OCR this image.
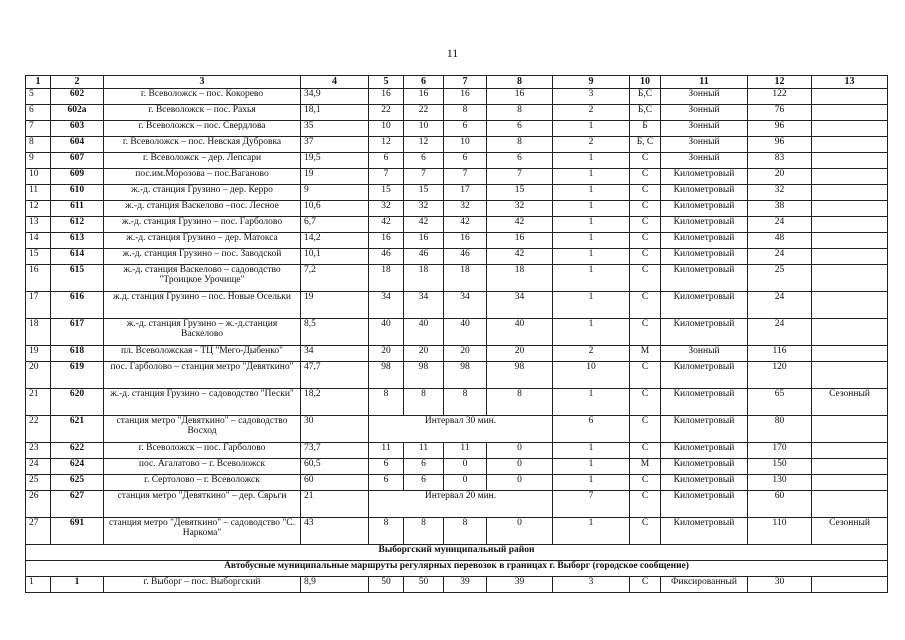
11
1	2	3	4	5	6	7	8	9	10	11	12	13
5	602	г. Всеволожск – пос. Кокорево	34,9	16	16	16	16	3	Б,С	Зонный	122	
6	602а	г. Всеволожск – пос. Рахья	18,1	22	22	8	8	2	Б,С	Зонный	76	
7	603	г. Всеволожск – пос. Свердлова	35	10	10	6	6	1	Б	Зонный	96	
8	604	г. Всеволожск – пос. Невская Дубровка	37	12	12	10	8	2	Б, С	Зонный	96	
9	607	г. Всеволожск – дер. Лепсари	19,5	6	6	6	6	1	С	Зонный	83	
10	609	пос.им.Морозова – пос.Ваганово	19	7	7	7	7	1	С	Километровый	20	
11	610	ж.-д. станция Грузино – дер. Керро	9	15	15	17	15	1	С	Километровый	32	
12	611	ж.-д. станция Васкелово –пос. Лесное	10,6	32	32	32	32	1	С	Километровый	38	
13	612	ж.-д. станция Грузино – пос. Гарболово	6,7	42	42	42	42	1	С	Километровый	24	
14	613	ж.-д. станция Грузино – дер. Матокса	14,2	16	16	16	16	1	С	Километровый	48	
15	614	ж.-д. станция Грузино – пос. Заводской	10,1	46	46	46	42	1	С	Километровый	24	
16	615	ж.-д. станция Васкелово – садоводство "Троицкое Урочище"	7,2	18	18	18	18	1	С	Километровый	25	
17	616	ж.д. станция Грузино – пос. Новые Осельки	19	34	34	34	34	1	С	Километровый	24	
18	617	ж.-д. станция Грузино – ж.-д.станция Васкелово	8,5	40	40	40	40	1	С	Километровый	24	
19	618	пл. Всеволожская - ТЦ "Мего-Дыбенко"	34	20	20	20	20	2	М	Зонный	116	
20	619	пос. Гарболово – станция метро "Девяткино"	47,7	98	98	98	98	10	С	Километровый	120	
21	620	ж.-д. станция Грузино – садоводство "Пески"	18,2	8	8	8	8	1	С	Километровый	65	Сезонный
22	621	станция метро "Девяткино" – садоводство Восход	30	Интервал 30 мин.				6	С	Километровый	80	
23	622	г. Всеволожск – пос. Гарболово	73,7	11	11	11	0	1	С	Километровый	170	
24	624	пос. Агалатово – г. Всеволожск	60,5	6	6	0	0	1	М	Километровый	150	
25	625	г. Сертолово – г. Всеволожск	60	6	6	0	0	1	С	Километровый	130	
26	627	станция метро "Девяткино" – дер. Сярьги	21	Интервал 20 мин.				7	С	Километровый	60	
27	691	станция метро "Девяткино" – садоводство "С. Наркома"	43	8	8	8	0	1	С	Километровый	110	Сезонный
Выборгский муниципальный район												
Автобусные муниципальные маршруты регулярных перевозок в границах г. Выборг (городское сообщение)												
1	1	г. Выборг – пос. Выборгский	8,9	50	50	39	39	3	С	Фиксированный	30	
